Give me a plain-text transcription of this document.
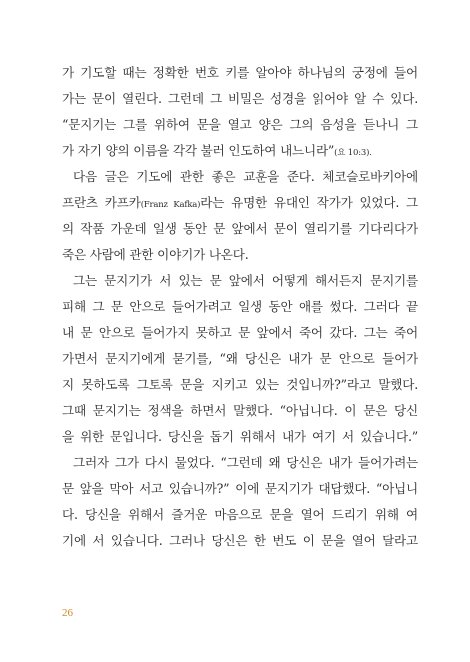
가 기도할 때는 정확한 번호 키를 알아야 하나님의 궁정에 들어
가는 문이 열린다. 그런데 그 비밀은 성경을 읽어야 알 수 있다.
“문지기는 그를 위하여 문을 열고 양은 그의 음성을 듣나니 그
가 자기 양의 이름을 각각 불러 인도하여 내느니라”(요 10:3).
다음 글은 기도에 관한 좋은 교훈을 준다. 체코슬로바키아에
프란츠 카프카(Franz Kafka)라는 유명한 유대인 작가가 있었다. 그
의 작품 가운데 일생 동안 문 앞에서 문이 열리기를 기다리다가
죽은 사람에 관한 이야기가 나온다.
그는 문지기가 서 있는 문 앞에서 어떻게 해서든지 문지기를
피해 그 문 안으로 들어가려고 일생 동안 애를 썼다. 그러다 끝
내 문 안으로 들어가지 못하고 문 앞에서 죽어 갔다. 그는 죽어
가면서 문지기에게 묻기를, “왜 당신은 내가 문 안으로 들어가
지 못하도록 그토록 문을 지키고 있는 것입니까?”라고 말했다.
그때 문지기는 정색을 하면서 말했다. “아닙니다. 이 문은 당신
을 위한 문입니다. 당신을 돕기 위해서 내가 여기 서 있습니다.”
그러자 그가 다시 물었다. “그런데 왜 당신은 내가 들어가려는
문 앞을 막아 서고 있습니까?” 이에 문지기가 대답했다. “아닙니
다. 당신을 위해서 즐거운 마음으로 문을 열어 드리기 위해 여
기에 서 있습니다. 그러나 당신은 한 번도 이 문을 열어 달라고
26
